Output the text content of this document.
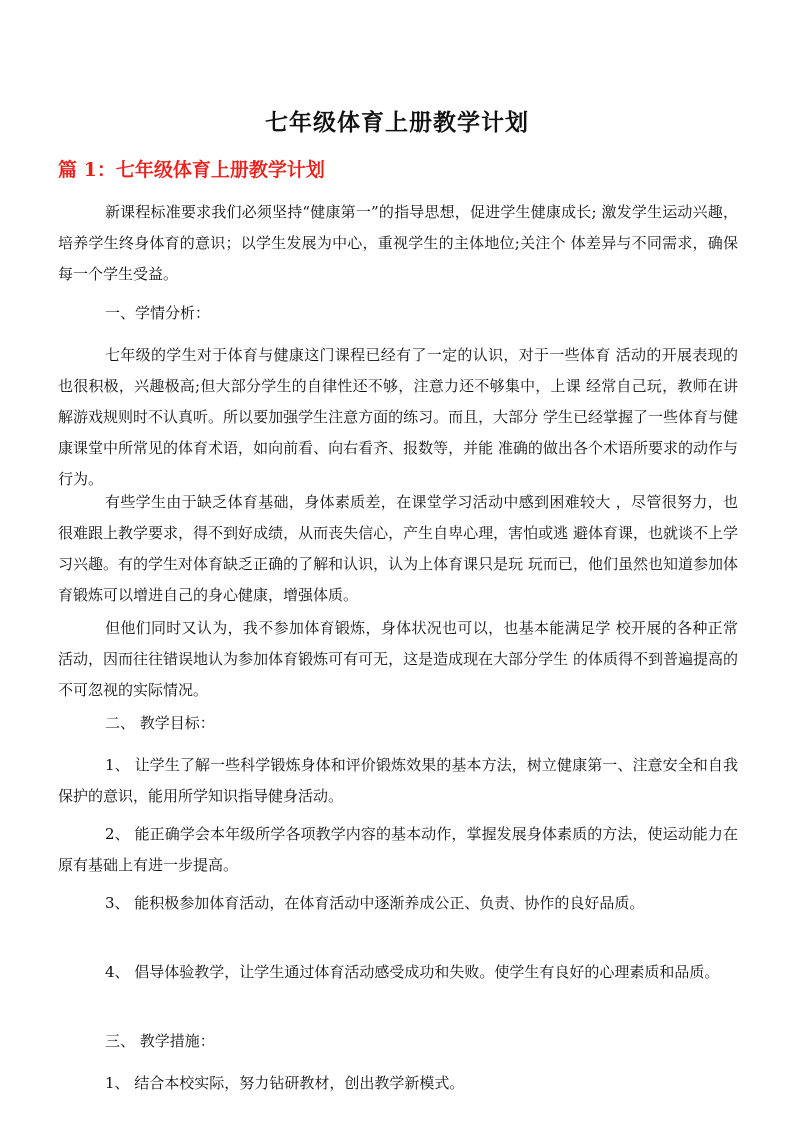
七年级体育上册教学计划
篇 1：七年级体育上册教学计划
新课程标准要求我们必须坚持“健康第一”的指导思想，促进学生健康成长; 激发学生运动兴趣，培养学生终身体育的意识；以学生发展为中心，重视学生的主体地位;关注个 体差异与不同需求，确保每一个学生受益。
一、学情分析：
七年级的学生对于体育与健康这门课程已经有了一定的认识，对于一些体育 活动的开展表现的也很积极，兴趣极高;但大部分学生的自律性还不够，注意力还不够集中，上课 经常自己玩，教师在讲解游戏规则时不认真听。所以要加强学生注意方面的练习。而且，大部分 学生已经掌握了一些体育与健康课堂中所常见的体育术语，如向前看、向右看齐、报数等，并能 准确的做出各个术语所要求的动作与行为。
有些学生由于缺乏体育基础，身体素质差，在课堂学习活动中感到困难较大 ，尽管很努力，也很难跟上教学要求，得不到好成绩，从而丧失信心，产生自卑心理，害怕或逃 避体育课，也就谈不上学习兴趣。有的学生对体育缺乏正确的了解和认识，认为上体育课只是玩 玩而已，他们虽然也知道参加体育锻炼可以增进自己的身心健康，增强体质。
但他们同时又认为，我不参加体育锻炼，身体状况也可以，也基本能满足学 校开展的各种正常活动，因而往往错误地认为参加体育锻炼可有可无，这是造成现在大部分学生 的体质得不到普遍提高的不可忽视的实际情况。
二、 教学目标：
1、 让学生了解一些科学锻炼身体和评价锻炼效果的基本方法，树立健康第一、注意安全和自我保护的意识，能用所学知识指导健身活动。
2、 能正确学会本年级所学各项教学内容的基本动作，掌握发展身体素质的方法，使运动能力在原有基础上有进一步提高。
3、 能积极参加体育活动，在体育活动中逐渐养成公正、负责、协作的良好品质。
4、 倡导体验教学，让学生通过体育活动感受成功和失败。使学生有良好的心理素质和品质。
三、 教学措施：
1、 结合本校实际，努力钻研教材，创出教学新模式。
